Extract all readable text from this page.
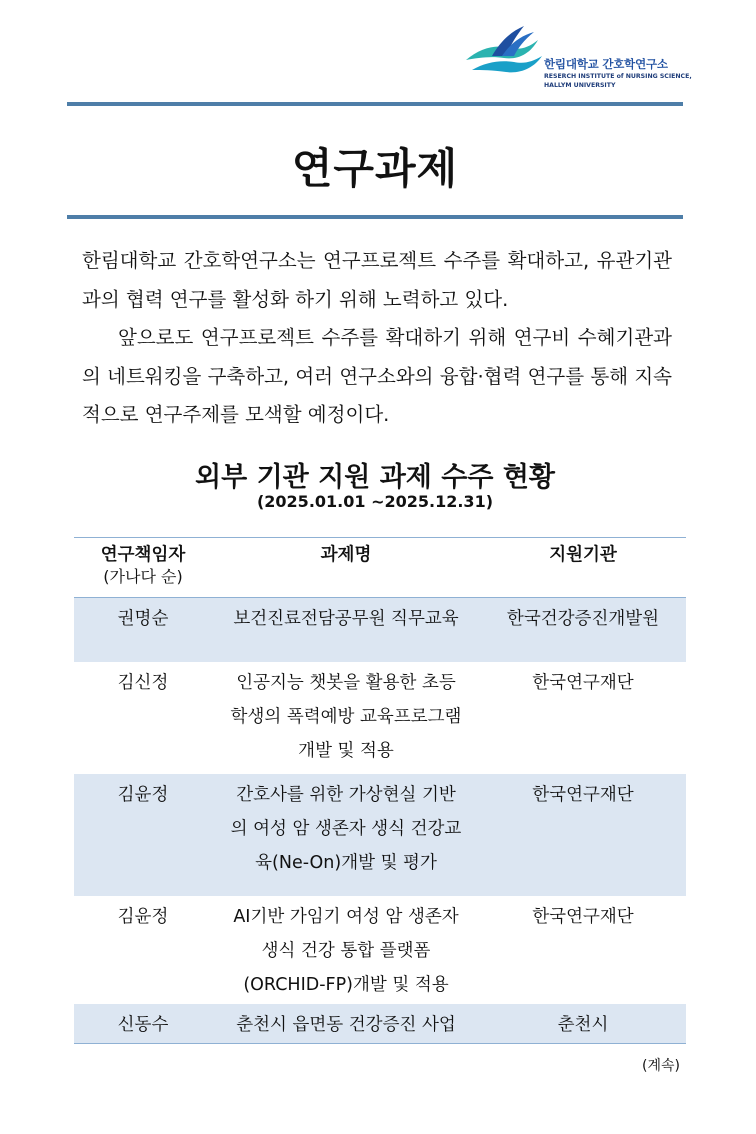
한림대학교 간호학연구소
RESERCH INSTITUTE of NURSING SCIENCE,
HALLYM UNIVERSITY
연구과제

한림대학교 간호학연구소는 연구프로젝트 수주를 확대하고, 유관기관과의 협력 연구를 활성화 하기 위해 노력하고 있다.

앞으로도 연구프로젝트 수주를 확대하기 위해 연구비 수혜기관과의 네트워킹을 구축하고, 여러 연구소와의 융합·협력 연구를 통해 지속적으로 연구주제를 모색할 예정이다.

외부 기관 지원 과제 수주 현황
(2025.01.01 ~2025.12.31)
연구책임자
(가나다 순)	과제명	지원기관
권명순	보건진료전담공무원 직무교육	한국건강증진개발원
김신정	인공지능 챗봇을 활용한 초등학생의 폭력예방 교육프로그램 개발 및 적용	한국연구재단
김윤정	간호사를 위한 가상현실 기반의 여성 암 생존자 생식 건강교육(Ne-On)개발 및 평가	한국연구재단
김윤정	AI기반 가임기 여성 암 생존자 생식 건강 통합 플랫폼 (ORCHID-FP)개발 및 적용	한국연구재단
신동수	춘천시 읍면동 건강증진 사업	춘천시
(계속)
